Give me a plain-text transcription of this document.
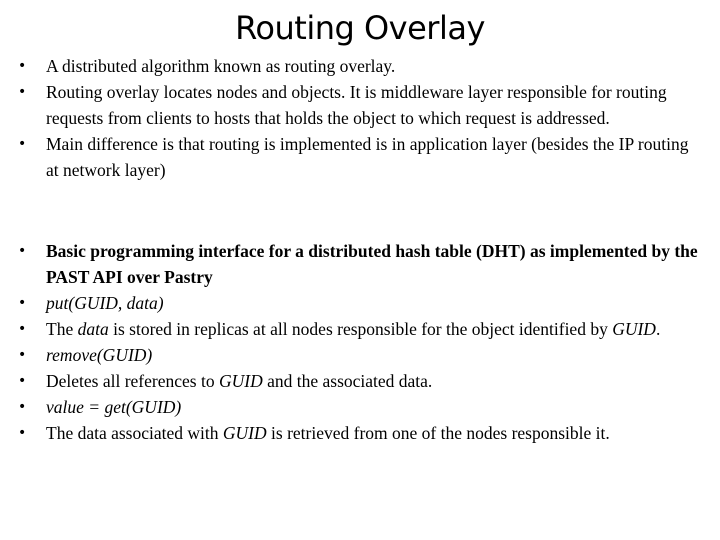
Routing Overlay
• A distributed algorithm known as routing overlay.
• Routing overlay locates nodes and objects. It is middleware layer responsible for routing requests from clients to hosts that holds the object to which request is addressed.
• Main difference is that routing is implemented is in application layer (besides the IP routing at network layer)
• Basic programming interface for a distributed hash table (DHT) as implemented by the PAST API over Pastry
• put(GUID, data)
• The data is stored in replicas at all nodes responsible for the object identified by GUID.
• remove(GUID)
• Deletes all references to GUID and the associated data.
• value = get(GUID)
• The data associated with GUID is retrieved from one of the nodes responsible it.
